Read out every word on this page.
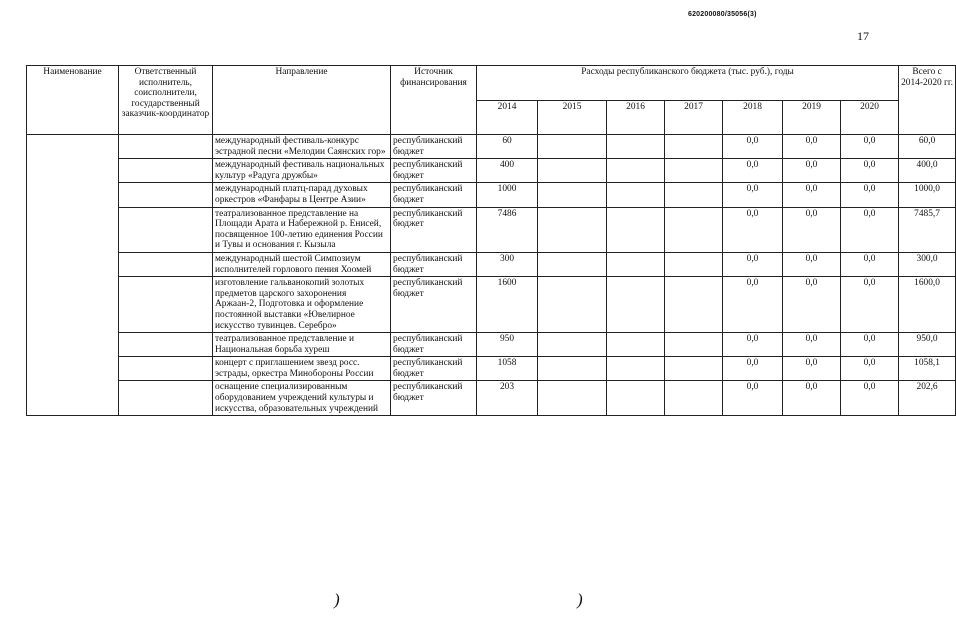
620200080/35056(3)
17
Наименование	Ответственный исполнитель, соисполнители, государственный заказчик-координатор	Направление	Источник финансирования	Расходы республиканского бюджета (тыс. руб.), годы							Всего с 2014-2020 гг.
				2014	2015	2016	2017	2018	2019	2020	
		международный фестиваль-конкурс эстрадной песни «Мелодии Саянских гор»	республиканский бюджет	60				0,0	0,0	0,0	60,0
		международный фестиваль национальных культур «Радуга дружбы»	республиканский бюджет	400				0,0	0,0	0,0	400,0
		международный платц-парад духовых оркестров «Фанфары в Центре Азии»	республиканский бюджет	1000				0,0	0,0	0,0	1000,0
		театрализованное представление на Площади Арата и Набережной р. Енисей, посвященное 100-летию единения России и Тувы и основания г. Кызыла	республиканский бюджет	7486				0,0	0,0	0,0	7485,7
		международный шестой Симпозиум исполнителей горлового пения Хоомей	республиканский бюджет	300				0,0	0,0	0,0	300,0
		изготовление гальванокопий золотых предметов царского захоронения Аржаан-2, Подготовка и оформление постоянной выставки «Ювелирное искусство тувинцев. Серебро»	республиканский бюджет	1600				0,0	0,0	0,0	1600,0
		театрализованное представление и Национальная борьба хуреш	республиканский бюджет	950				0,0	0,0	0,0	950,0
		концерт с приглашением звезд росс. эстрады, оркестра Минобороны России	республиканский бюджет	1058				0,0	0,0	0,0	1058,1
		оснащение специализированным оборудованием учреждений культуры и искусства, образовательных учреждений	республиканский бюджет	203				0,0	0,0	0,0	202,6
)	)
